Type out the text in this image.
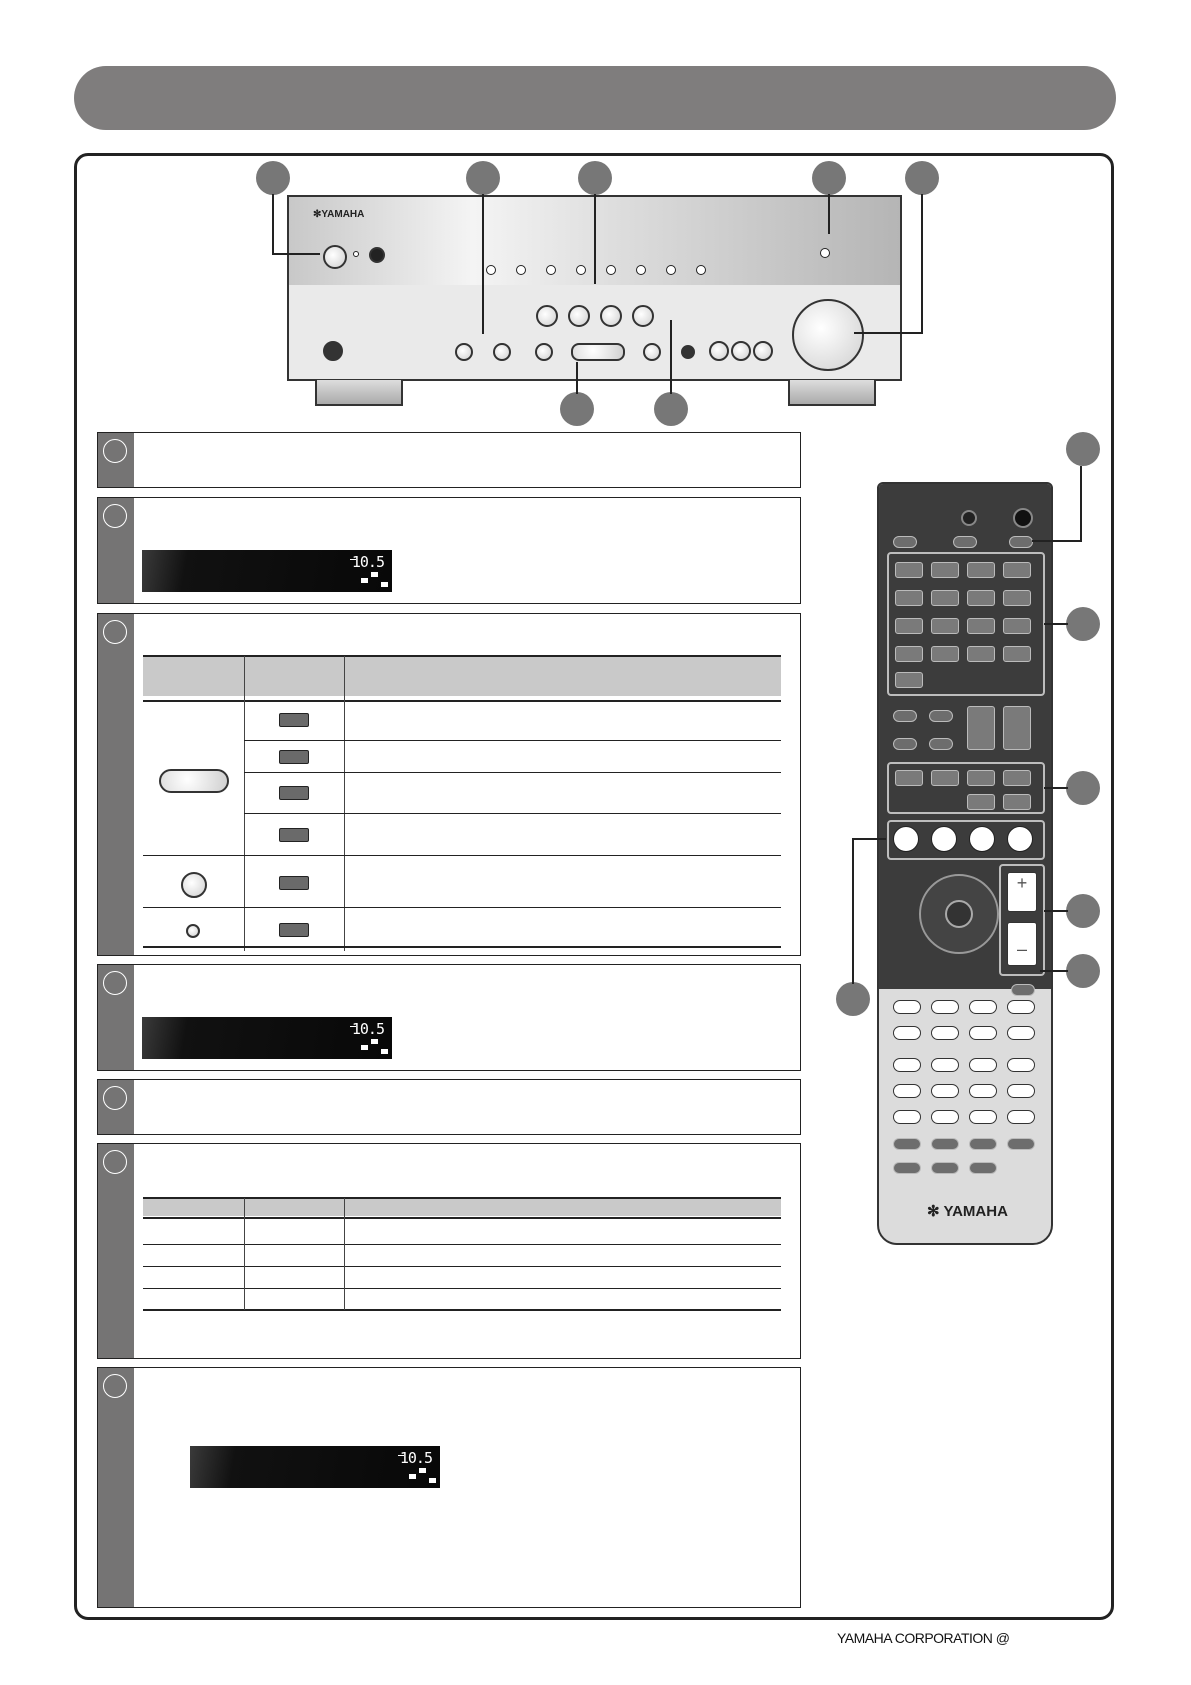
✻YAMAHA
10.5
10.5
10.5
+
–
✻ YAMAHA
YAMAHA CORPORATION @
